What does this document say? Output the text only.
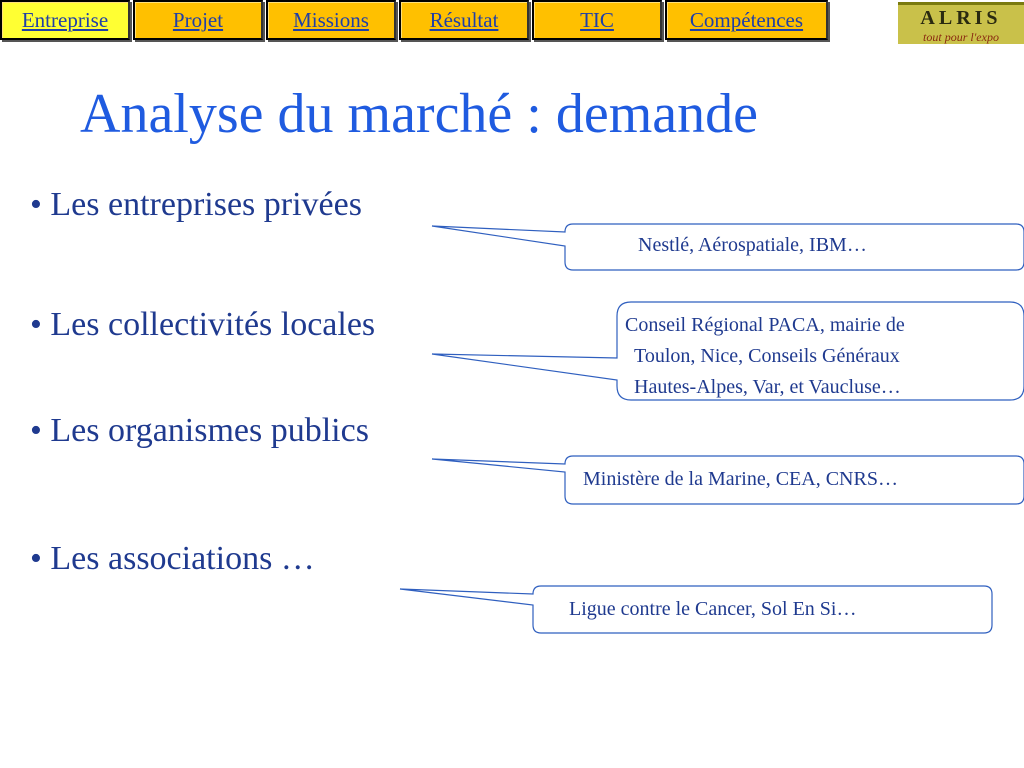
Entreprise	Projet	Missions	Résultat	TIC	Compétences	ALRIS
tout pour l'expo
Analyse du marché : demande
• Les entreprises privées
• Les collectivités locales
• Les organismes publics
• Les associations …
Nestlé, Aérospatiale, IBM…
Conseil Régional PACA, mairie de
Toulon, Nice, Conseils Généraux
Hautes-Alpes, Var, et Vaucluse…
Ministère de la Marine, CEA, CNRS…
Ligue contre le Cancer, Sol En Si…
